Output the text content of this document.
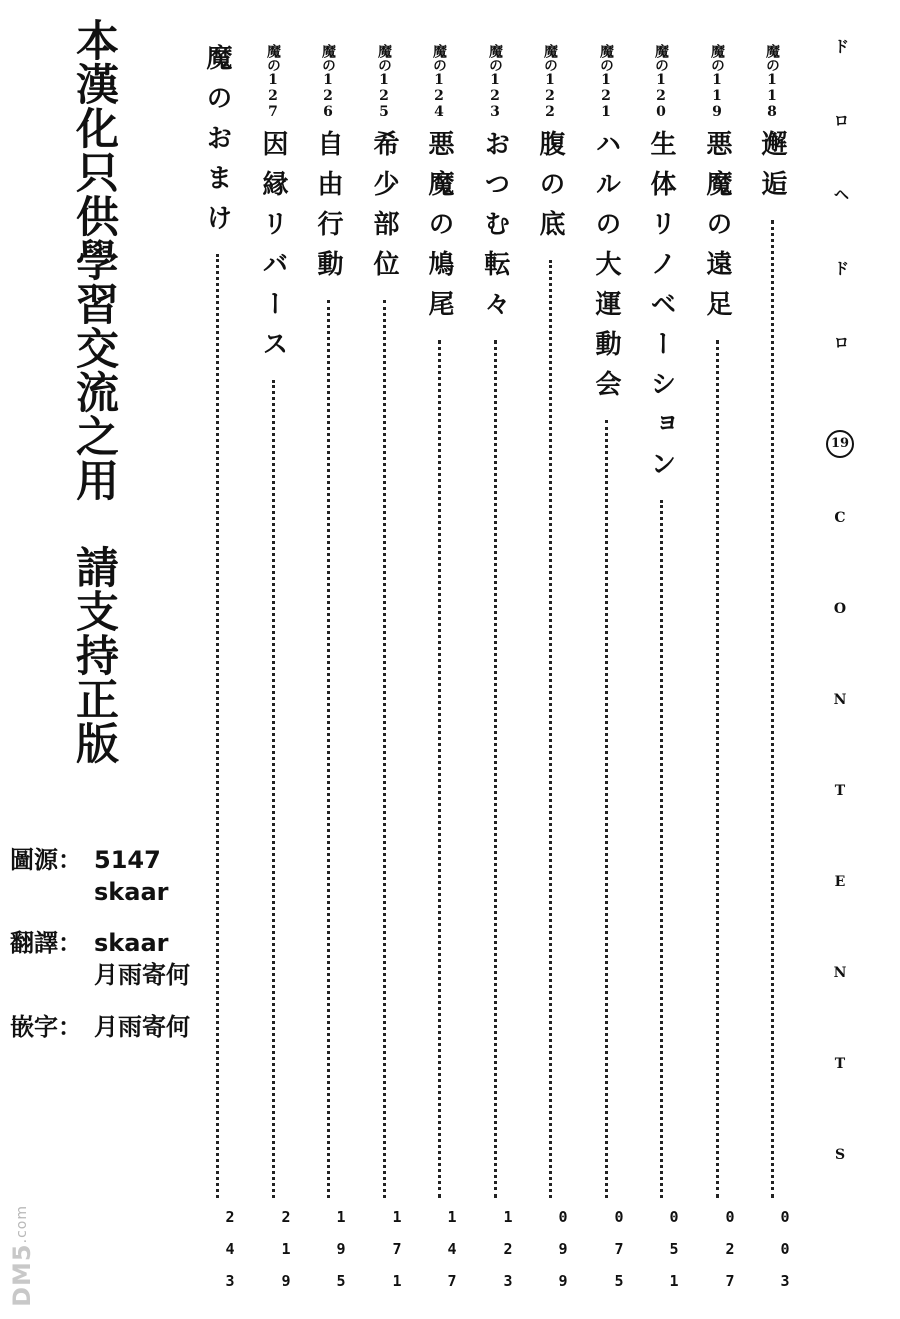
本漢化只供學習交流之用
請支持正版
圖源： 5147
skaar
翻譯： skaar
月雨寄何
嵌字： 月雨寄何
魔の118
邂逅
003
魔の119
悪魔の遠足
027
魔の120
生体リノベーション
051
魔の121
ハルの大運動会
075
魔の122
腹の底
099
魔の123
おつむ転々
123
魔の124
悪魔の鳩尾
147
魔の125
希少部位
171
魔の126
自由行動
195
魔の127
因縁リバース
219
魔のおまけ
243
ドロヘドロ
19
CONTENTS
DM5.com
